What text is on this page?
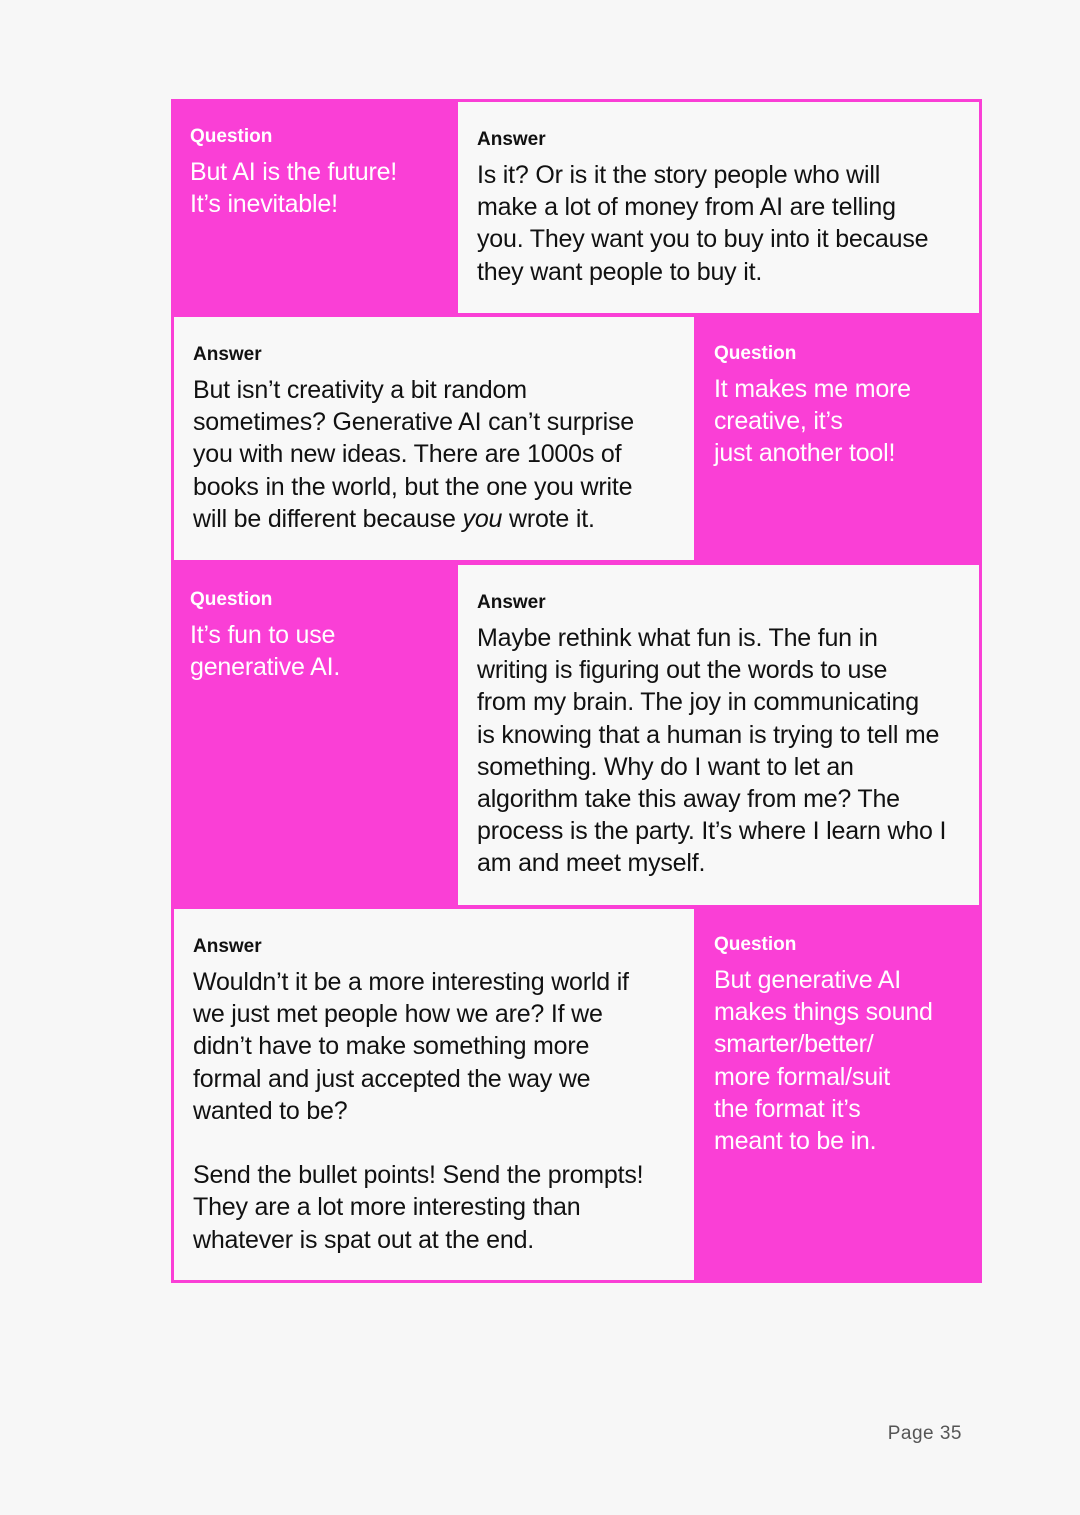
Question
But AI is the future!
It’s inevitable!
Answer
Is it? Or is it the story people who will
make a lot of money from AI are telling
you. They want you to buy into it because
they want people to buy it.
Answer
But isn’t creativity a bit random
sometimes? Generative AI can’t surprise
you with new ideas. There are 1000s of
books in the world, but the one you write
will be different because you wrote it.
Question
It makes me more
creative, it’s
just another tool!
Question
It’s fun to use
generative AI.
Answer
Maybe rethink what fun is. The fun in
writing is figuring out the words to use
from my brain. The joy in communicating
is knowing that a human is trying to tell me
something. Why do I want to let an
algorithm take this away from me? The
process is the party. It’s where I learn who I
am and meet myself.
Answer
Wouldn’t it be a more interesting world if
we just met people how we are? If we
didn’t have to make something more
formal and just accepted the way we
wanted to be?

Send the bullet points! Send the prompts!
They are a lot more interesting than
whatever is spat out at the end.
Question
But generative AI
makes things sound
smarter/better/
more formal/suit
the format it’s
meant to be in.
Page 35
